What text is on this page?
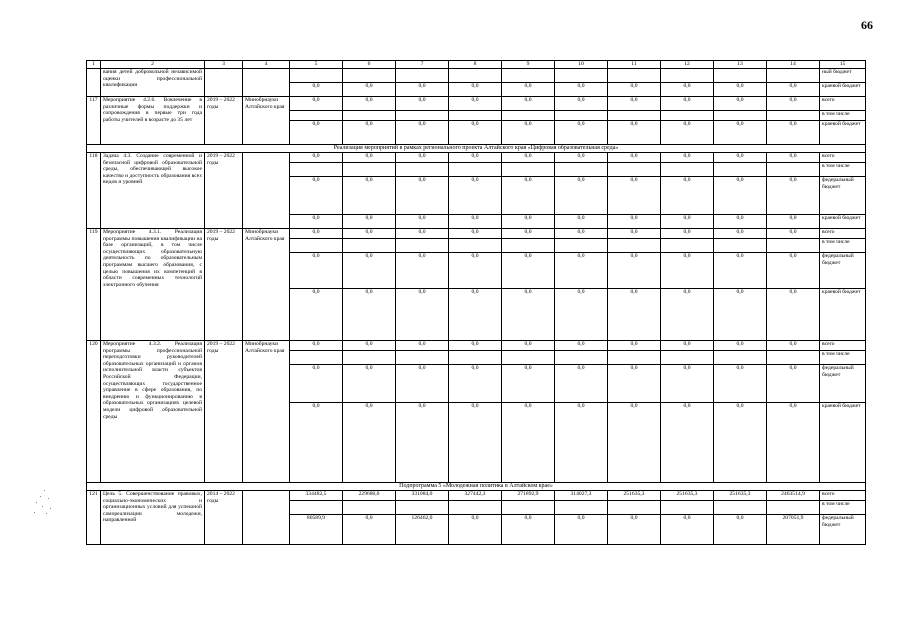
66
1	2	3	4	5	6	7	8	9	10	11	12	13	14	15
	вания детей добровольной независимой оценки профессиональной квалификации													ный бюджет
				0,0	0,0	0,0	0,0	0,0	0,0	0,0	0,0	0,0	0,0	краевой бюджет
117	Мероприятие 4.2.6. Вовлечение в различные формы поддержки и сопровождения в первые три года работы учителей в возрасте до 35 лет	2019 – 2022 годы	Минобрнауки Алтайского края	0,0	0,0	0,0	0,0	0,0	0,0	0,0	0,0	0,0	0,0	всего
														в том числе
				0,0	0,0	0,0	0,0	0,0	0,0	0,0	0,0	0,0	0,0	краевой бюджет
Реализация мероприятий в рамках регионального проекта Алтайского края «Цифровая образовательная среда»														
118	Задача 4.3. Создание современной и безопасной цифровой образовательной среды, обеспечивающей высокое качество и доступность образования всех видов и уровней	2019 – 2022 годы		0,0	0,0	0,0	0,0	0,0	0,0	0,0	0,0	0,0	0,0	всего
														в том числе
				0,0	0,0	0,0	0,0	0,0	0,0	0,0	0,0	0,0	0,0	федеральный бюджет
				0,0	0,0	0,0	0,0	0,0	0,0	0,0	0,0	0,0	0,0	краевой бюджет
119	Мероприятие 4.3.1. Реализация программы повышения квалификации на базе организаций, в том числе осуществляющих образовательную деятельность по образовательным программам высшего образования, с целью повышения их компетенций в области современных технологий электронного обучения	2019 – 2022 годы	Минобрнауки Алтайского края	0,0	0,0	0,0	0,0	0,0	0,0	0,0	0,0	0,0	0,0	всего
														в том числе
				0,0	0,0	0,0	0,0	0,0	0,0	0,0	0,0	0,0	0,0	федеральный бюджет
				0,0	0,0	0,0	0,0	0,0	0,0	0,0	0,0	0,0	0,0	краевой бюджет
120	Мероприятие 4.3.2. Реализация программы профессиональной переподготовки руководителей образовательных организаций и органов исполнительной власти субъектов Российской Федерации, осуществляющих государственное управление в сфере образования, по внедрению и функционированию в образовательных организациях целевой модели цифровой образовательной среды	2019 – 2022 годы	Минобрнауки Алтайского края	0,0	0,0	0,0	0,0	0,0	0,0	0,0	0,0	0,0	0,0	всего
														в том числе
				0,0	0,0	0,0	0,0	0,0	0,0	0,0	0,0	0,0	0,0	федеральный бюджет
				0,0	0,0	0,0	0,0	0,0	0,0	0,0	0,0	0,0	0,0	краевой бюджет
Подпрограмма 5 «Молодежная политика в Алтайском крае»														
121	Цель 5. Совершенствование правовых, социально-экономических и организационных условий для успешной самореализации молодежи, направленной	2014 – 2022 годы		334482,5	229680,0	331084,0	327442,3	271892,9	314027,3	251635,3	251635,3	251635,3	2463514,9	всего
														в том числе
				80589,9	0,0	126462,0	0,0	0,0	0,0	0,0	0,0	0,0	207051,9	федеральный бюджет
